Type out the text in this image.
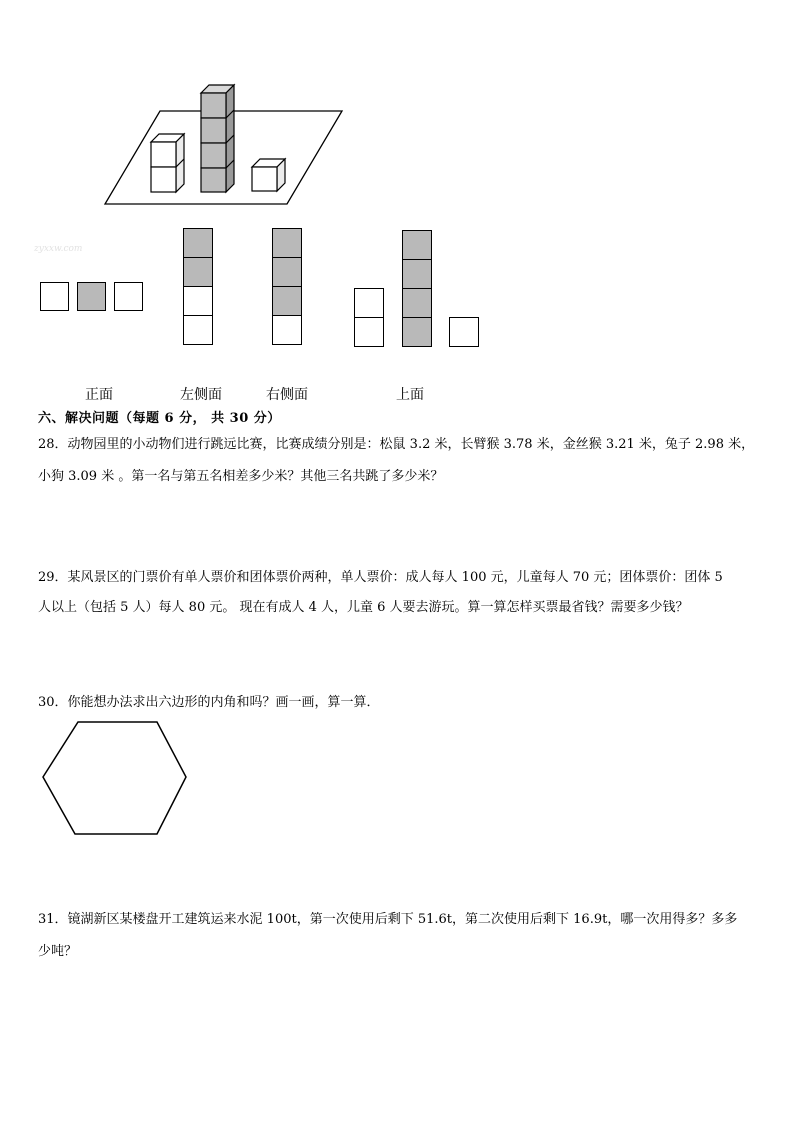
zyxxw.com
正面	左侧面	右侧面	上面
六、解决问题（每题 6 分， 共 30 分）
28．动物园里的小动物们进行跳远比赛，比赛成绩分别是：松鼠 3.2 米，长臂猴 3.78 米，金丝猴 3.21 米，兔子 2.98 米，
小狗 3.09 米 。第一名与第五名相差多少米？其他三名共跳了多少米？
29．某风景区的门票价有单人票价和团体票价两种，单人票价：成人每人 100 元，儿童每人 70 元；团体票价：团体 5
人以上（包括 5 人）每人 80 元。 现在有成人 4 人，儿童 6 人要去游玩。算一算怎样买票最省钱？需要多少钱？
30．你能想办法求出六边形的内角和吗？画一画，算一算．
31．镜湖新区某楼盘开工建筑运来水泥 100t，第一次使用后剩下 51.6t，第二次使用后剩下 16.9t，哪一次用得多？多多
少吨？
